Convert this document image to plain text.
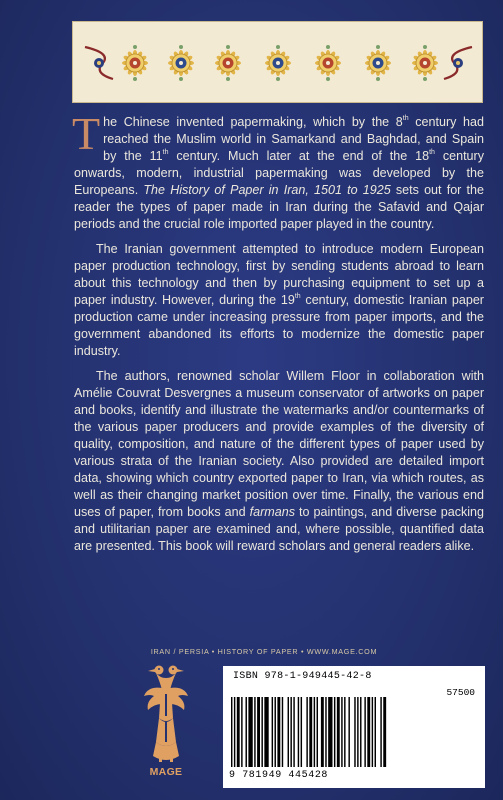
The Chinese invented papermaking, which by the 8th century had reached the Muslim world in Samarkand and Baghdad, and Spain by the 11th century. Much later at the end of the 18th century onwards, modern, industrial papermaking was developed by the Europeans. The History of Paper in Iran, 1501 to 1925 sets out for the reader the types of paper made in Iran during the Safavid and Qajar periods and the crucial role imported paper played in the country.

The Iranian government attempted to introduce modern European paper production technology, first by sending students abroad to learn about this technology and then by purchasing equipment to set up a paper industry. However, during the 19th century, domestic Iranian paper production came under increasing pressure from paper imports, and the government abandoned its efforts to modernize the domestic paper industry.

The authors, renowned scholar Willem Floor in collaboration with Amélie Couvrat Desvergnes a museum conservator of artworks on paper and books, identify and illustrate the watermarks and/or countermarks of the various paper producers and provide examples of the diversity of quality, composition, and nature of the different types of paper used by various strata of the Iranian society. Also provided are detailed import data, showing which country exported paper to Iran, via which routes, as well as their changing market position over time. Finally, the various end uses of paper, from books and farmans to paintings, and diverse packing and utilitarian paper are examined and, where possible, quantified data are presented. This book will reward scholars and general readers alike.

IRAN / PERSIA • HISTORY OF PAPER • WWW.MAGE.COM
MAGE
ISBN 978-1-949445-42-8
57500
9 781949 445428
